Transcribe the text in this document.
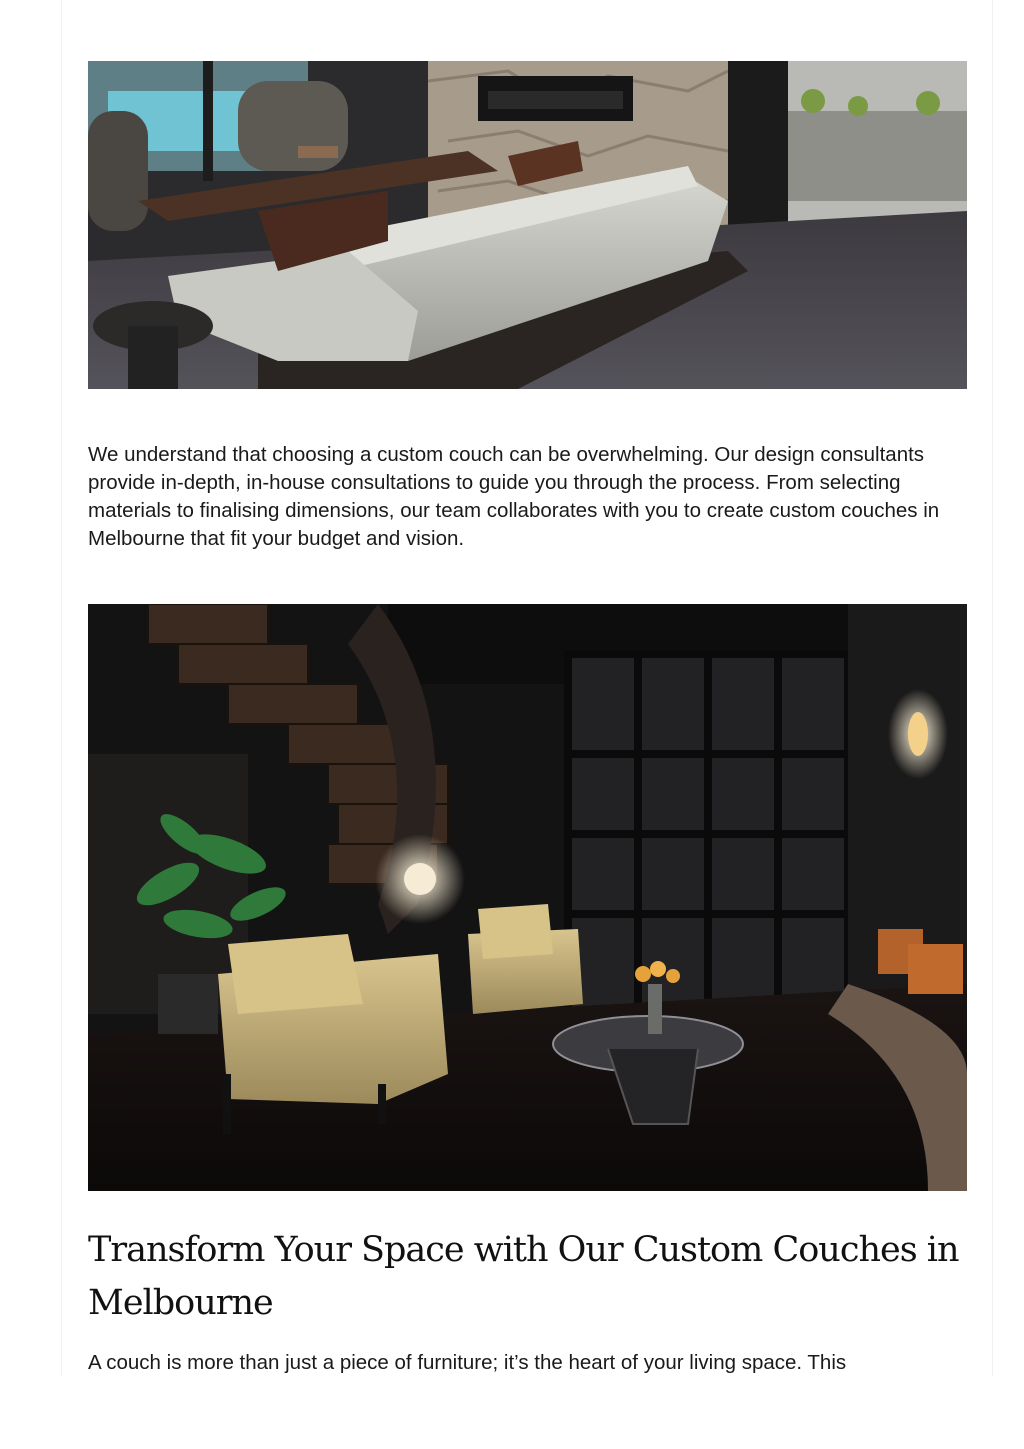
We understand that choosing a custom couch can be overwhelming. Our design consultants provide in-depth, in-house consultations to guide you through the process. From selecting materials to finalising dimensions, our team collaborates with you to create custom couches in Melbourne that fit your budget and vision.

Transform Your Space with Our Custom Couches in Melbourne

A couch is more than just a piece of furniture; it’s the heart of your living space. This
